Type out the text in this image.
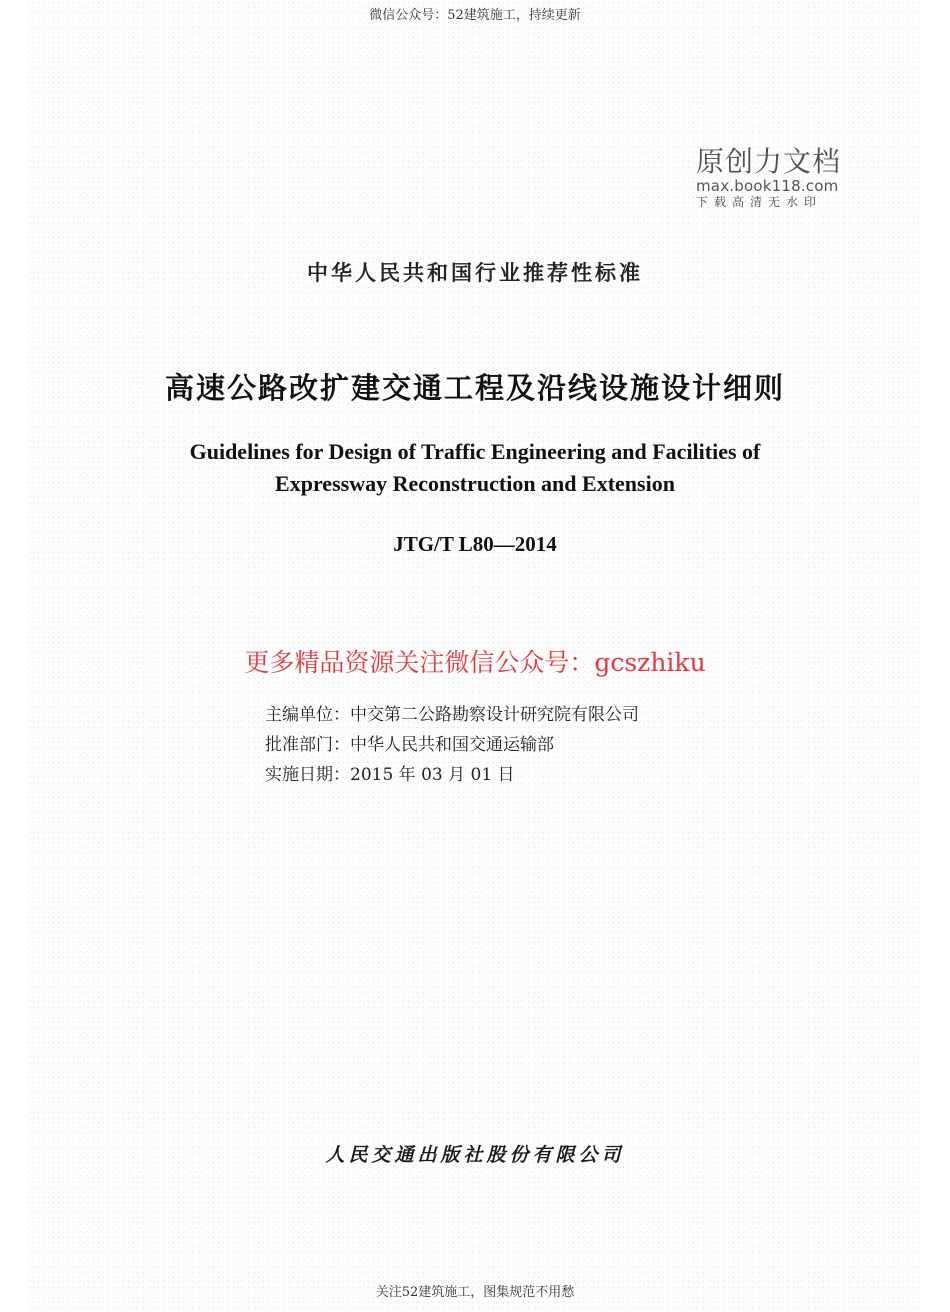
微信公众号：52建筑施工，持续更新
原创力文档
max.book118.com
下载高清无水印
中华人民共和国行业推荐性标准
高速公路改扩建交通工程及沿线设施设计细则
Guidelines for Design of Traffic Engineering and Facilities of
Expressway Reconstruction and Extension
JTG/T L80—2014
更多精品资源关注微信公众号：gcszhiku
主编单位：中交第二公路勘察设计研究院有限公司
批准部门：中华人民共和国交通运输部
实施日期：2015 年 03 月 01 日
人民交通出版社股份有限公司
关注52建筑施工，图集规范不用愁
